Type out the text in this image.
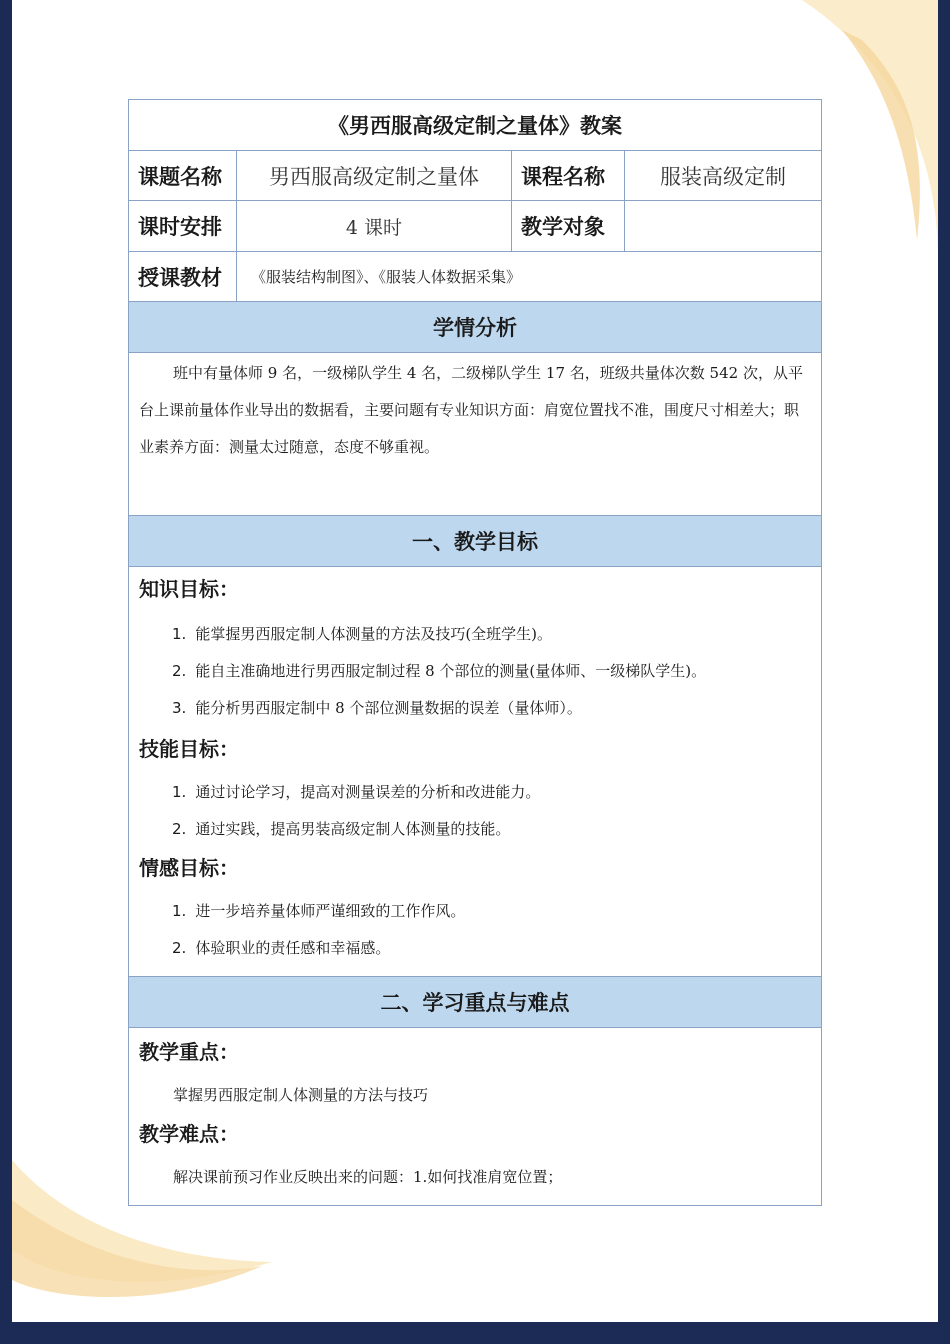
《男西服高级定制之量体》教案
课题名称	男西服高级定制之量体	课程名称	服装高级定制
课时安排	4 课时	教学对象
授课教材	《服装结构制图》、《服装人体数据采集》
学情分析

班中有量体师 9 名，一级梯队学生 4 名，二级梯队学生 17 名，班级共量体次数 542 次，从平台上课前量体作业导出的数据看，主要问题有专业知识方面：肩宽位置找不准，围度尺寸相差大；职业素养方面：测量太过随意，态度不够重视。

一、教学目标

知识目标：

1. 能掌握男西服定制人体测量的方法及技巧(全班学生)。

2. 能自主准确地进行男西服定制过程 8 个部位的测量(量体师、一级梯队学生)。

3. 能分析男西服定制中 8 个部位测量数据的误差（量体师）。

技能目标：

1. 通过讨论学习，提高对测量误差的分析和改进能力。

2. 通过实践，提高男装高级定制人体测量的技能。

情感目标：

1. 进一步培养量体师严谨细致的工作作风。

2. 体验职业的责任感和幸福感。

二、学习重点与难点

教学重点：

掌握男西服定制人体测量的方法与技巧

教学难点：

解决课前预习作业反映出来的问题：1.如何找准肩宽位置；
